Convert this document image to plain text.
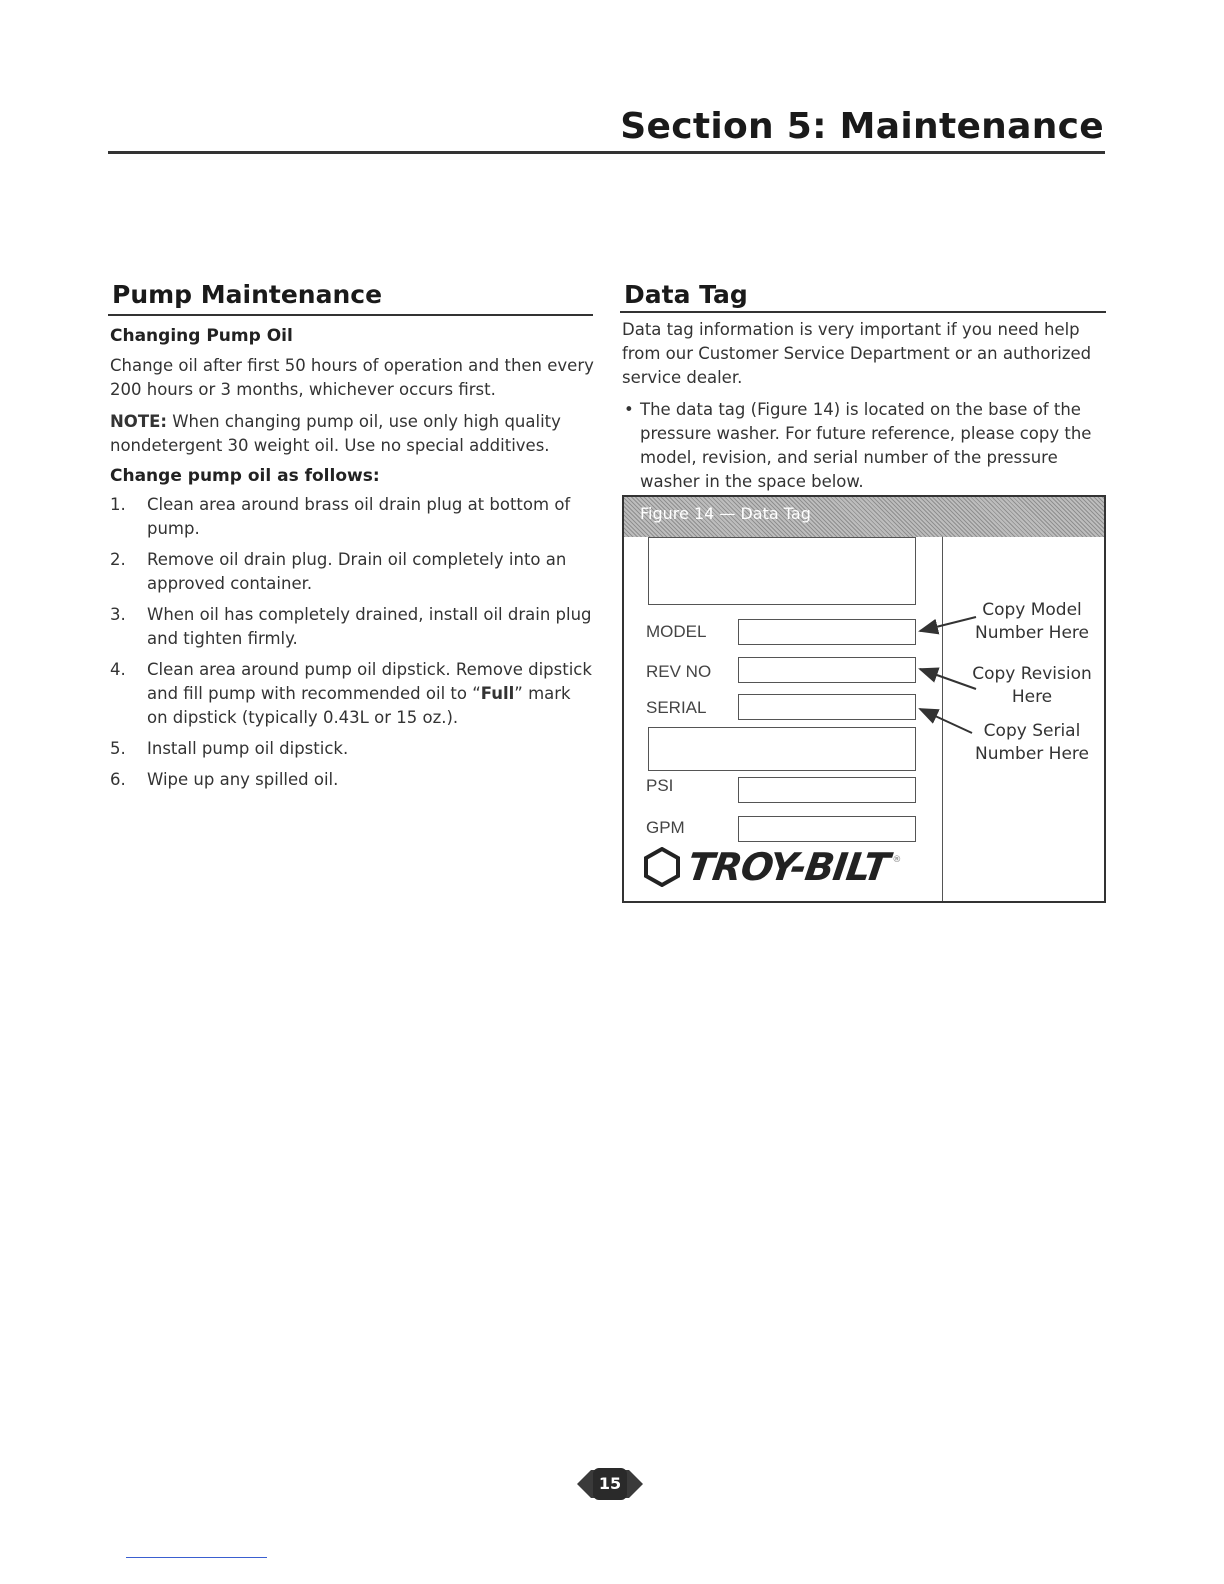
Section 5: Maintenance
Pump Maintenance

Changing Pump Oil

Change oil after first 50 hours of operation and then every 200 hours or 3 months, whichever occurs first.

NOTE: When changing pump oil, use only high quality nondetergent 30 weight oil. Use no special additives.

Change pump oil as follows:

1. Clean area around brass oil drain plug at bottom of pump.
2. Remove oil drain plug. Drain oil completely into an approved container.
3. When oil has completely drained, install oil drain plug and tighten firmly.
4. Clean area around pump oil dipstick. Remove dipstick and fill pump with recommended oil to “Full” mark on dipstick (typically 0.43L or 15 oz.).
5. Install pump oil dipstick.
6. Wipe up any spilled oil.
Data Tag

Data tag information is very important if you need help from our Customer Service Department or an authorized service dealer.

• The data tag (Figure 14) is located on the base of the pressure washer. For future reference, please copy the model, revision, and serial number of the pressure washer in the space below.

Figure 14 — Data Tag
MODEL
REV NO
SERIAL
PSI
GPM
TROY-BILT ®
Copy Model Number Here
Copy Revision Here
Copy Serial Number Here
15
